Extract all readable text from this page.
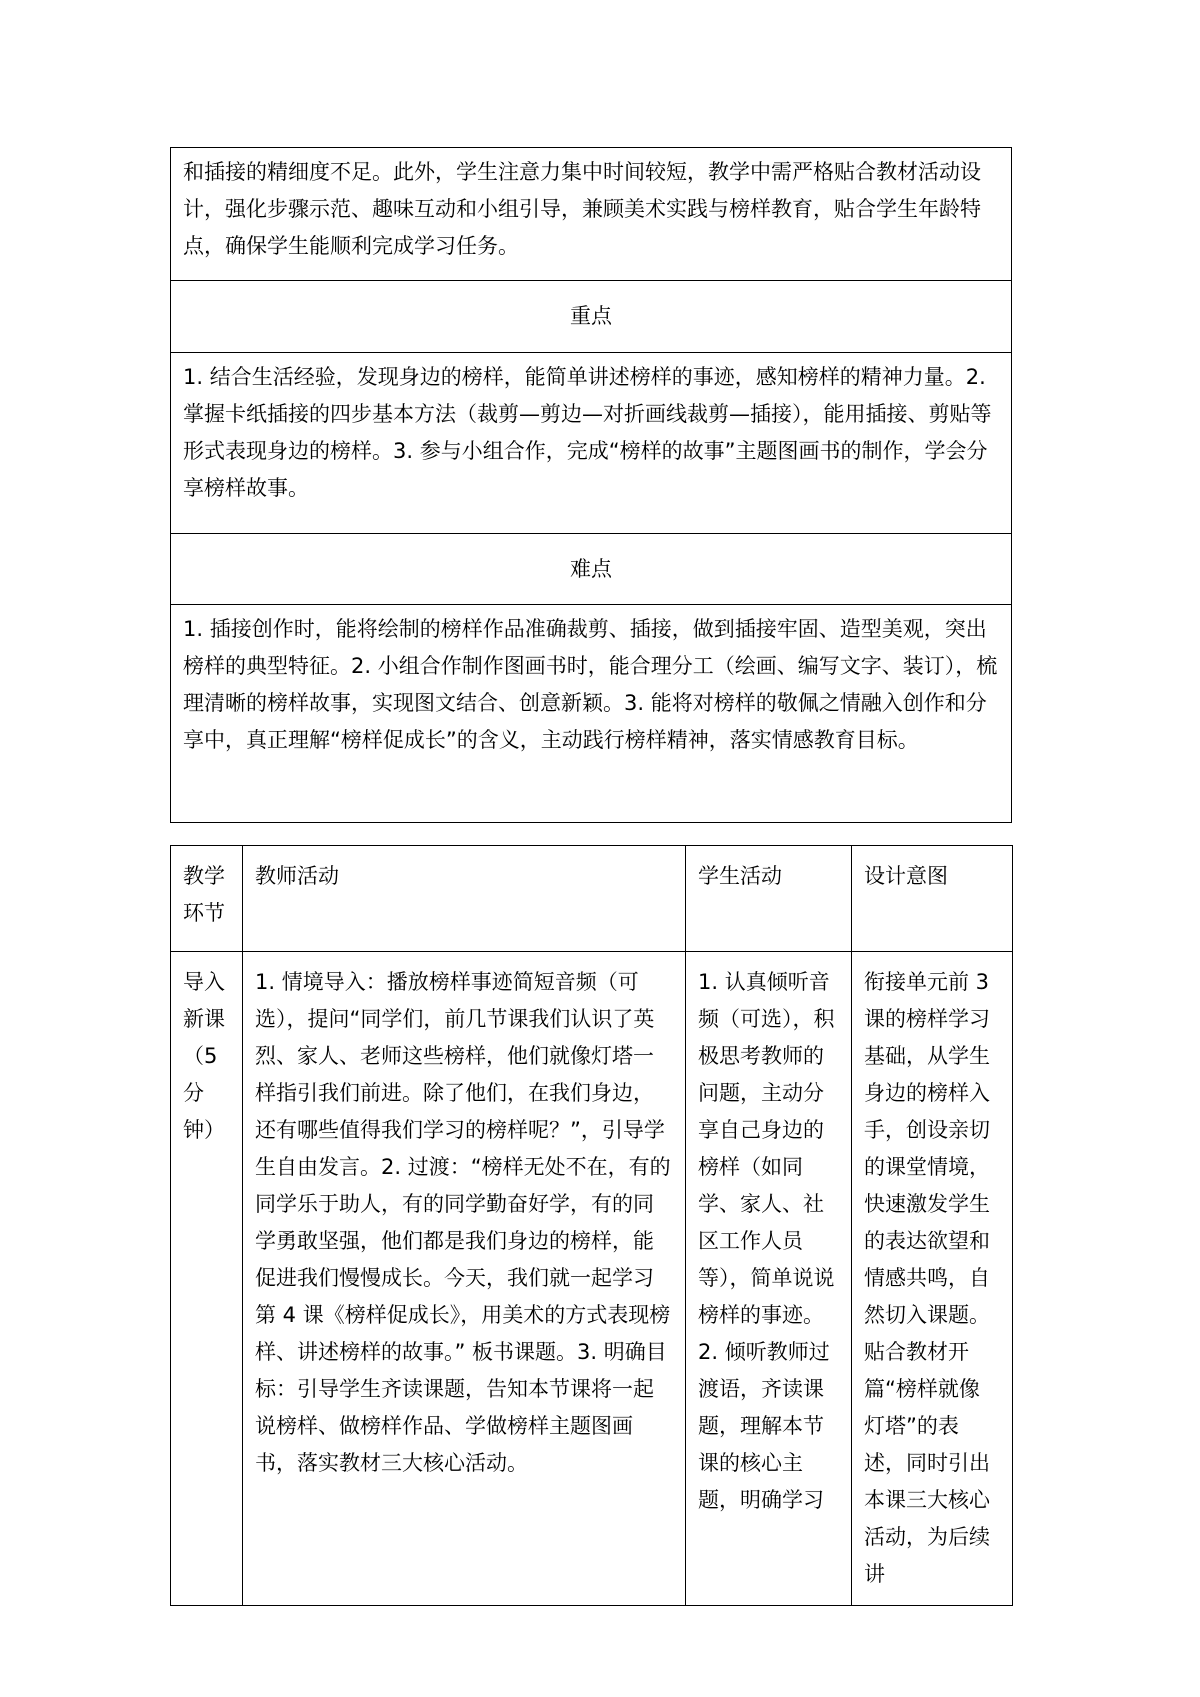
和插接的精细度不足。此外，学生注意力集中时间较短，教学中需严格贴合教材活动设计，强化步骤示范、趣味互动和小组引导，兼顾美术实践与榜样教育，贴合学生年龄特点，确保学生能顺利完成学习任务。
重点
1. 结合生活经验，发现身边的榜样，能简单讲述榜样的事迹，感知榜样的精神力量。2. 掌握卡纸插接的四步基本方法（裁剪—剪边—对折画线裁剪—插接），能用插接、剪贴等形式表现身边的榜样。3. 参与小组合作，完成“榜样的故事”主题图画书的制作，学会分享榜样故事。
难点
1. 插接创作时，能将绘制的榜样作品准确裁剪、插接，做到插接牢固、造型美观，突出榜样的典型特征。2. 小组合作制作图画书时，能合理分工（绘画、编写文字、装订），梳理清晰的榜样故事，实现图文结合、创意新颖。3. 能将对榜样的敬佩之情融入创作和分享中，真正理解“榜样促成长”的含义，主动践行榜样精神，落实情感教育目标。
教学环节	教师活动	学生活动	设计意图
导入新课（5分钟）	1. 情境导入：播放榜样事迹简短音频（可选），提问“同学们，前几节课我们认识了英烈、家人、老师这些榜样，他们就像灯塔一样指引我们前进。除了他们，在我们身边，还有哪些值得我们学习的榜样呢？”，引导学生自由发言。2. 过渡：“榜样无处不在，有的同学乐于助人，有的同学勤奋好学，有的同学勇敢坚强，他们都是我们身边的榜样，能促进我们慢慢成长。今天，我们就一起学习第 4 课《榜样促成长》，用美术的方式表现榜样、讲述榜样的故事。” 板书课题。3. 明确目标：引导学生齐读课题，告知本节课将一起说榜样、做榜样作品、学做榜样主题图画书，落实教材三大核心活动。	1. 认真倾听音频（可选），积极思考教师的问题，主动分享自己身边的榜样（如同学、家人、社区工作人员等），简单说说榜样的事迹。2. 倾听教师过渡语，齐读课题，理解本节课的核心主题，明确学习	衔接单元前 3 课的榜样学习基础，从学生身边的榜样入手，创设亲切的课堂情境，快速激发学生的表达欲望和情感共鸣，自然切入课题。贴合教材开篇“榜样就像灯塔”的表述，同时引出本课三大核心活动，为后续讲
